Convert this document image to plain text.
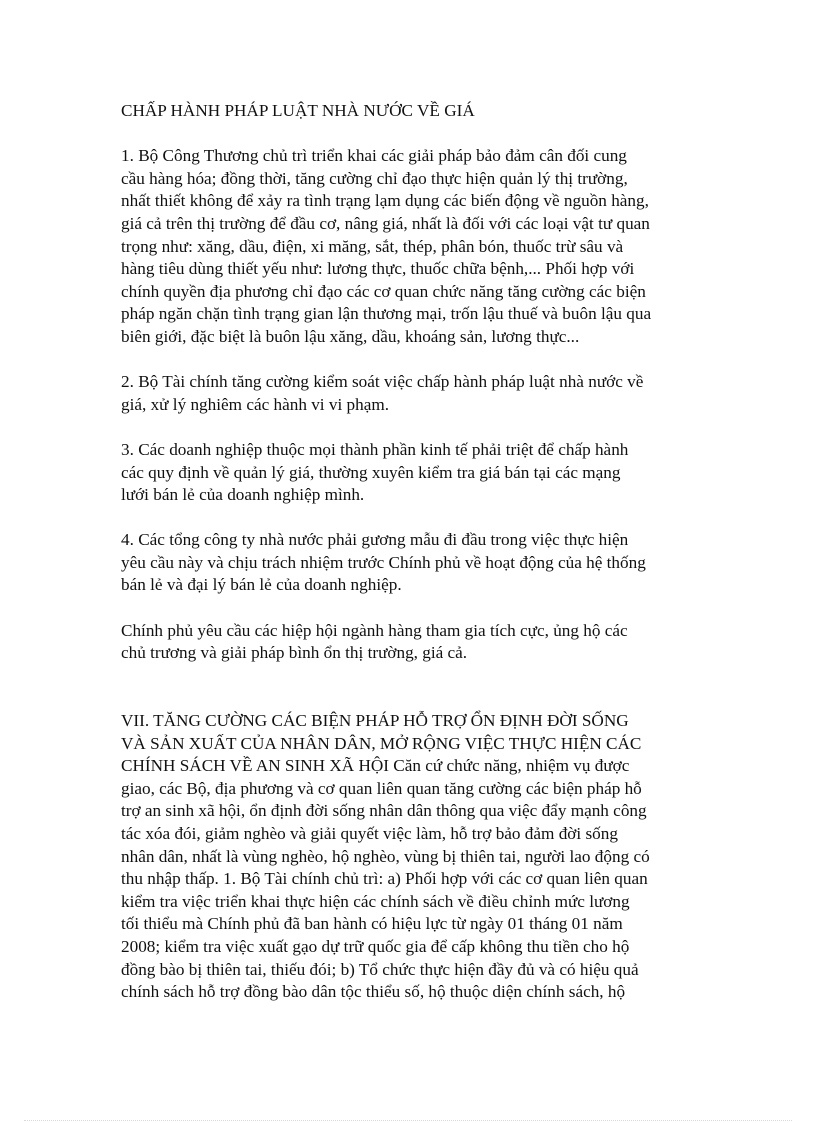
CHẤP HÀNH PHÁP LUẬT NHÀ NƯỚC VỀ GIÁ

1. Bộ Công Thương chủ trì triển khai các giải pháp bảo đảm cân đối cung

cầu hàng hóa; đồng thời, tăng cường chỉ đạo thực hiện quản lý thị trường,

nhất thiết không để xảy ra tình trạng lạm dụng các biến động về nguồn hàng,

giá cả trên thị trường để đầu cơ, nâng giá, nhất là đối với các loại vật tư quan

trọng như: xăng, dầu, điện, xi măng, sắt, thép, phân bón, thuốc trừ sâu và

hàng tiêu dùng thiết yếu như: lương thực, thuốc chữa bệnh,... Phối hợp với

chính quyền địa phương chỉ đạo các cơ quan chức năng tăng cường các biện

pháp ngăn chặn tình trạng gian lận thương mại, trốn lậu thuế và buôn lậu qua

biên giới, đặc biệt là buôn lậu xăng, dầu, khoáng sản, lương thực...

2. Bộ Tài chính tăng cường kiểm soát việc chấp hành pháp luật nhà nước về

giá, xử lý nghiêm các hành vi vi phạm.

3. Các doanh nghiệp thuộc mọi thành phần kinh tế phải triệt để chấp hành

các quy định về quản lý giá, thường xuyên kiểm tra giá bán tại các mạng

lưới bán lẻ của doanh nghiệp mình.

4. Các tổng công ty nhà nước phải gương mẫu đi đầu trong việc thực hiện

yêu cầu này và chịu trách nhiệm trước Chính phủ về hoạt động của hệ thống

bán lẻ và đại lý bán lẻ của doanh nghiệp.

Chính phủ yêu cầu các hiệp hội ngành hàng tham gia tích cực, ủng hộ các

chủ trương và giải pháp bình ổn thị trường, giá cả.

VII. TĂNG CƯỜNG CÁC BIỆN PHÁP HỖ TRỢ ỔN ĐỊNH ĐỜI SỐNG

VÀ SẢN XUẤT CỦA NHÂN DÂN, MỞ RỘNG VIỆC THỰC HIỆN CÁC

CHÍNH SÁCH VỀ AN SINH XÃ HỘI Căn cứ chức năng, nhiệm vụ được

giao, các Bộ, địa phương và cơ quan liên quan tăng cường các biện pháp hỗ

trợ an sinh xã hội, ổn định đời sống nhân dân thông qua việc đẩy mạnh công

tác xóa đói, giảm nghèo và giải quyết việc làm, hỗ trợ bảo đảm đời sống

nhân dân, nhất là vùng nghèo, hộ nghèo, vùng bị thiên tai, người lao động có

thu nhập thấp. 1. Bộ Tài chính chủ trì: a) Phối hợp với các cơ quan liên quan

kiểm tra việc triển khai thực hiện các chính sách về điều chỉnh mức lương

tối thiểu mà Chính phủ đã ban hành có hiệu lực từ ngày 01 tháng 01 năm

2008; kiểm tra việc xuất gạo dự trữ quốc gia để cấp không thu tiền cho hộ

đồng bào bị thiên tai, thiếu đói; b) Tổ chức thực hiện đầy đủ và có hiệu quả

chính sách hỗ trợ đồng bào dân tộc thiểu số, hộ thuộc diện chính sách, hộ
